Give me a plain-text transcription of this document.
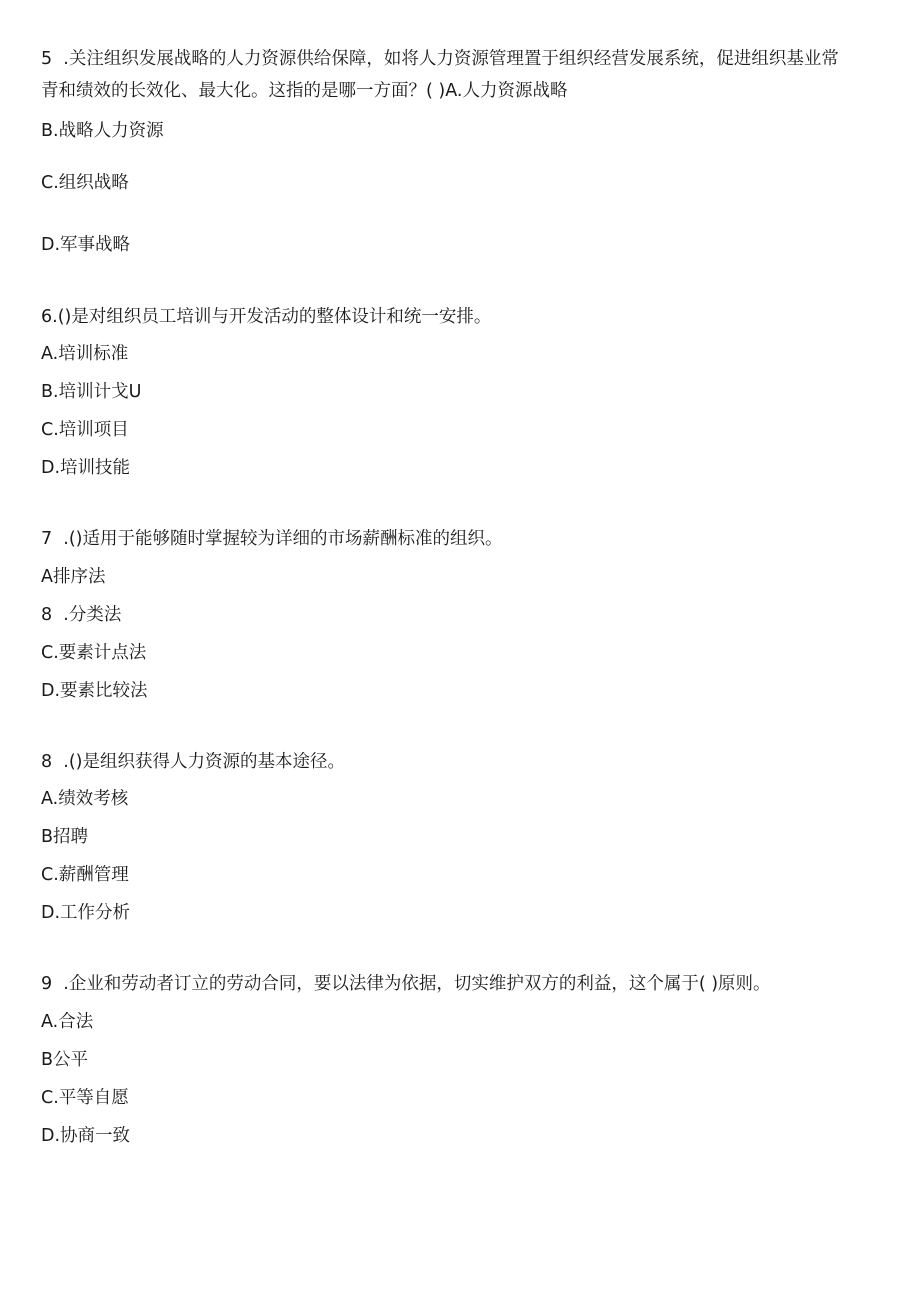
5  .关注组织发展战略的人力资源供给保障，如将人力资源管理置于组织经营发展系统，促进组织基业常
青和绩效的长效化、最大化。这指的是哪一方面？( )A.人力资源战略
B.战略人力资源
C.组织战略
D.军事战略
6.()是对组织员工培训与开发活动的整体设计和统一安排。
A.培训标准
B.培训计戈U
C.培训项目
D.培训技能
7  .()适用于能够随时掌握较为详细的市场薪酬标准的组织。
A排序法
8  .分类法
C.要素计点法
D.要素比较法
8  .()是组织获得人力资源的基本途径。
A.绩效考核
B招聘
C.薪酬管理
D.工作分析
9  .企业和劳动者订立的劳动合同，要以法律为依据，切实维护双方的利益，这个属于( )原则。
A.合法
B公平
C.平等自愿
D.协商一致
